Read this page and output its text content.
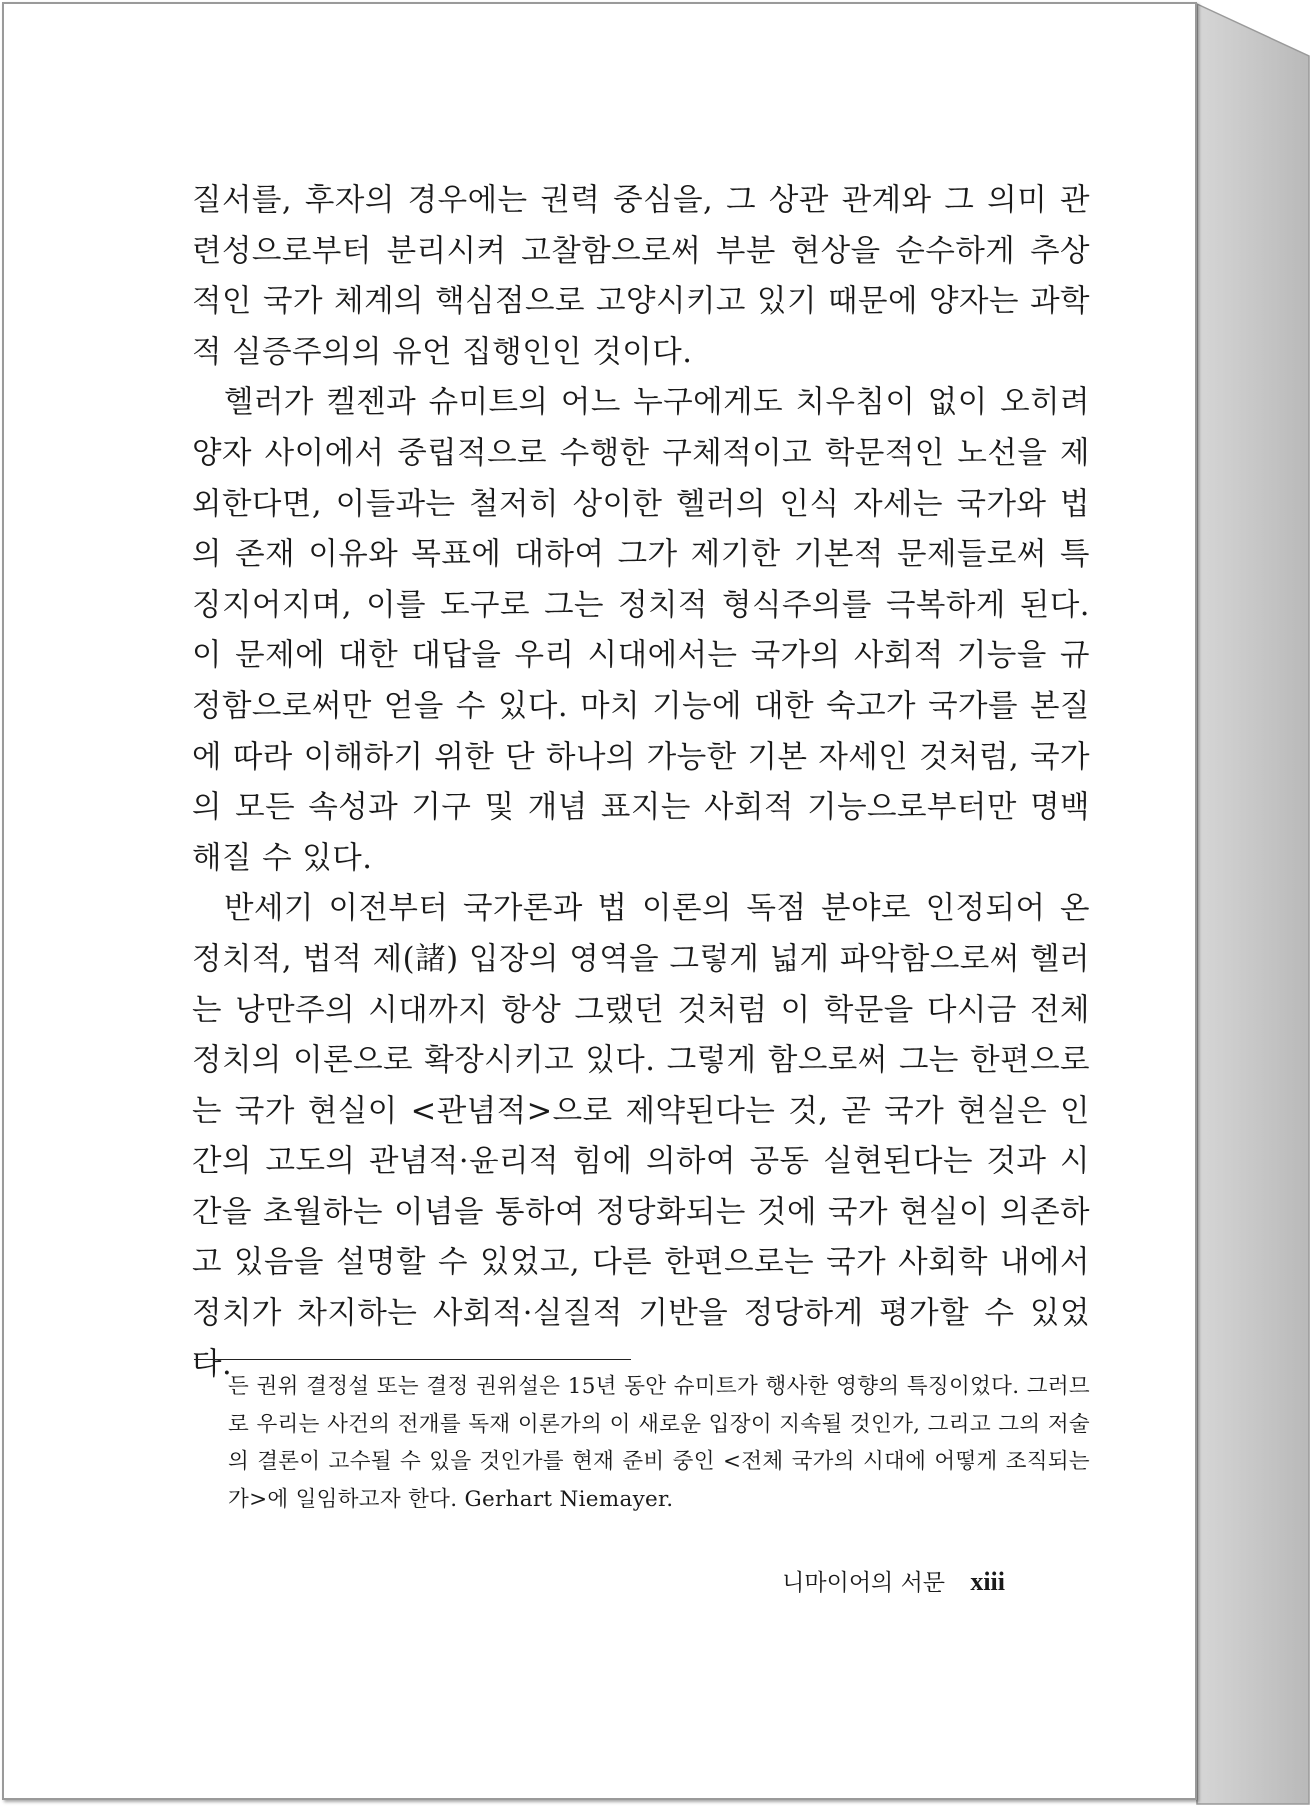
질서를, 후자의 경우에는 권력 중심을, 그 상관 관계와 그 의미 관련성으로부터 분리시켜 고찰함으로써 부분 현상을 순수하게 추상적인 국가 체계의 핵심점으로 고양시키고 있기 때문에 양자는 과학적 실증주의의 유언 집행인인 것이다.

헬러가 켈젠과 슈미트의 어느 누구에게도 치우침이 없이 오히려 양자 사이에서 중립적으로 수행한 구체적이고 학문적인 노선을 제외한다면, 이들과는 철저히 상이한 헬러의 인식 자세는 국가와 법의 존재 이유와 목표에 대하여 그가 제기한 기본적 문제들로써 특징지어지며, 이를 도구로 그는 정치적 형식주의를 극복하게 된다. 이 문제에 대한 대답을 우리 시대에서는 국가의 사회적 기능을 규정함으로써만 얻을 수 있다. 마치 기능에 대한 숙고가 국가를 본질에 따라 이해하기 위한 단 하나의 가능한 기본 자세인 것처럼, 국가의 모든 속성과 기구 및 개념 표지는 사회적 기능으로부터만 명백해질 수 있다.

반세기 이전부터 국가론과 법 이론의 독점 분야로 인정되어 온 정치적, 법적 제(諸) 입장의 영역을 그렇게 넓게 파악함으로써 헬러는 낭만주의 시대까지 항상 그랬던 것처럼 이 학문을 다시금 전체 정치의 이론으로 확장시키고 있다. 그렇게 함으로써 그는 한편으로는 국가 현실이 <관념적>으로 제약된다는 것, 곧 국가 현실은 인간의 고도의 관념적·윤리적 힘에 의하여 공동 실현된다는 것과 시간을 초월하는 이념을 통하여 정당화되는 것에 국가 현실이 의존하고 있음을 설명할 수 있었고, 다른 한편으로는 국가 사회학 내에서 정치가 차지하는 사회적·실질적 기반을 정당하게 평가할 수 있었다.

든 권위 결정설 또는 결정 권위설은 15년 동안 슈미트가 행사한 영향의 특징이었다. 그러므로 우리는 사건의 전개를 독재 이론가의 이 새로운 입장이 지속될 것인가, 그리고 그의 저술의 결론이 고수될 수 있을 것인가를 현재 준비 중인 <전체 국가의 시대에 어떻게 조직되는가>에 일임하고자 한다. Gerhart Niemayer.
니마이어의 서문 xiii
